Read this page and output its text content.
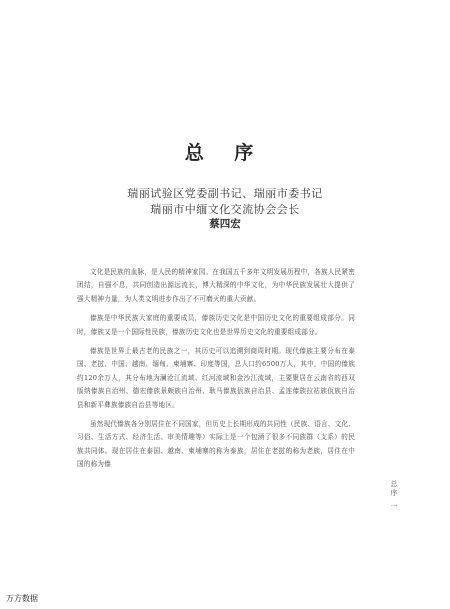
总 序
瑞丽试验区党委副书记、瑞丽市委书记
瑞丽市中缅文化交流协会会长
蔡四宏

文化是民族的血脉，是人民的精神家园。在我国五千多年文明发展历程中，各族人民紧密团结，自强不息，共同创造出源远流长，博大精深的中华文化，为中华民族发展壮大提供了强大精神力量，为人类文明进步作出了不可磨灭的重大贡献。

傣族是中华民族大家庭的重要成员，傣族历史文化是中国历史文化的重要组成部分。同时，傣族又是一个国际性民族，傣族历史文化也是世界历史文化的重要组成部分。

傣族是世界上最古老的民族之一，其历史可以追溯到商周时期。现代傣族主要分布在泰国、老挝、中国、越南、缅甸、柬埔寨、印度等国，总人口约6500万人，其中，中国的傣族约120余万人，其分布地为澜沧江流域、红河流域和金沙江流域，主要聚居在云南省的西双版纳傣族自治州、德宏傣族景颇族自治州、耿马傣族佤族自治县、孟连傣族拉祜族佤族自治县和新平彝族傣族自治县等地区。

虽然现代傣族各分别居住在不同国家，但历史上长期形成的共同性（民族、语言、文化、习俗、生活方式、经济生活、审美情趣等）实际上是一个包涵了很多不同族群（支系）的民族共同体。现在居住在泰国、越南、柬埔寨的称为泰族，居住在老挝的称为老族，居住在中国的称为傣

总序 一
万方数据
